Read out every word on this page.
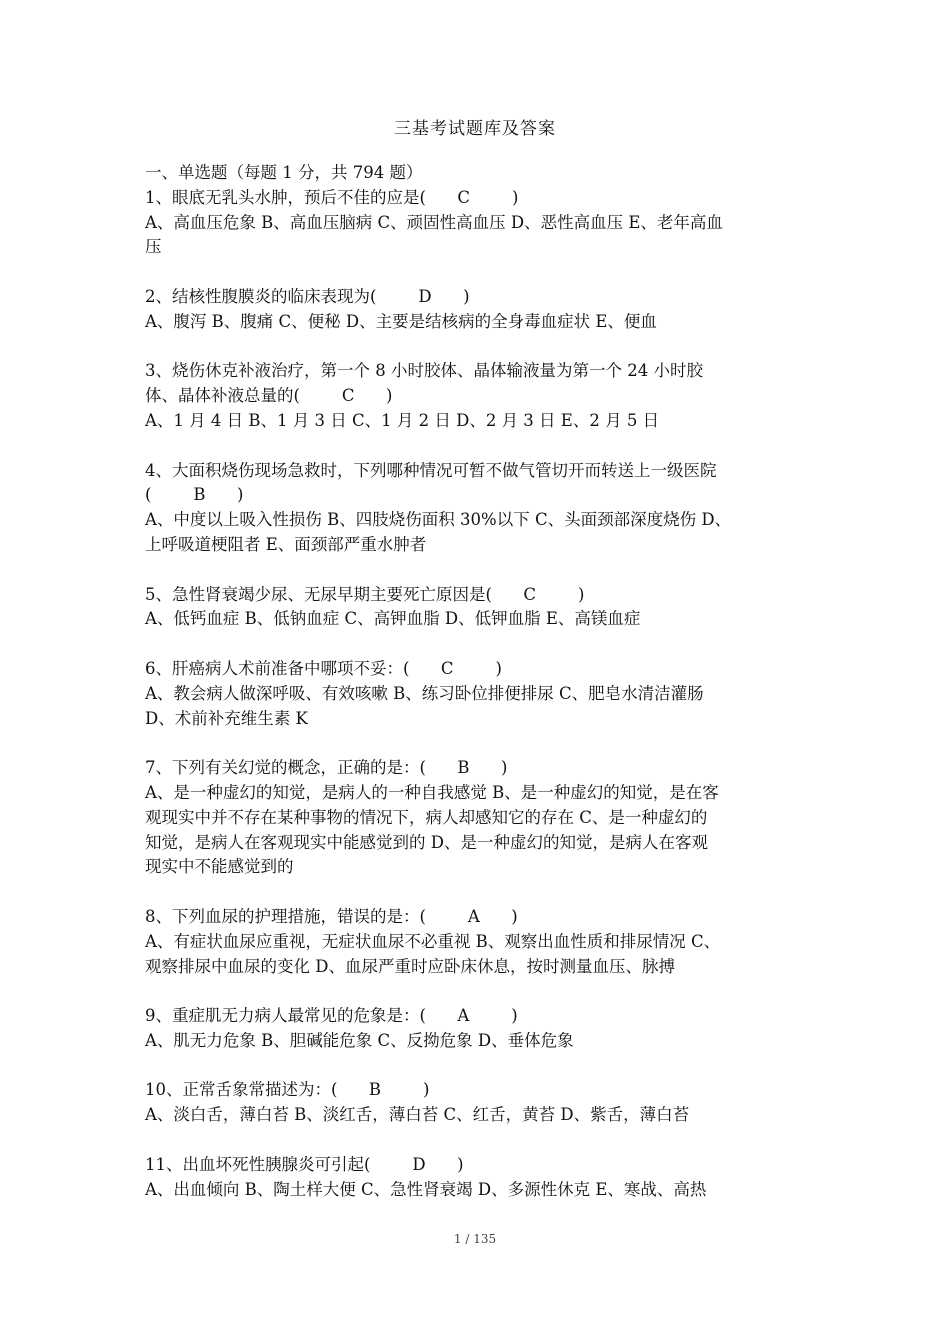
三基考试题库及答案

一、单选题（每题 1 分，共 794 题）

1、眼底无乳头水肿，预后不佳的应是(      C        )

A、高血压危象 B、高血压脑病 C、顽固性高血压 D、恶性高血压 E、老年高血

压

2、结核性腹膜炎的临床表现为(        D      )

A、腹泻 B、腹痛 C、便秘 D、主要是结核病的全身毒血症状 E、便血

3、烧伤休克补液治疗，第一个 8 小时胶体、晶体输液量为第一个 24 小时胶

体、晶体补液总量的(        C      )

A、1 月 4 日 B、1 月 3 日 C、1 月 2 日 D、2 月 3 日 E、2 月 5 日

4、大面积烧伤现场急救时，下列哪种情况可暂不做气管切开而转送上一级医院

(        B      )

A、中度以上吸入性损伤 B、四肢烧伤面积 30%以下 C、头面颈部深度烧伤 D、

上呼吸道梗阻者 E、面颈部严重水肿者

5、急性肾衰竭少尿、无尿早期主要死亡原因是(      C        )

A、低钙血症 B、低钠血症 C、高钾血脂 D、低钾血脂 E、高镁血症

6、肝癌病人术前准备中哪项不妥：(      C        )

A、教会病人做深呼吸、有效咳嗽 B、练习卧位排便排尿 C、肥皂水清洁灌肠

D、术前补充维生素 K

7、下列有关幻觉的概念，正确的是：(      B      )

A、是一种虚幻的知觉，是病人的一种自我感觉 B、是一种虚幻的知觉，是在客

观现实中并不存在某种事物的情况下，病人却感知它的存在 C、是一种虚幻的

知觉，是病人在客观现实中能感觉到的 D、是一种虚幻的知觉，是病人在客观

现实中不能感觉到的

8、下列血尿的护理措施，错误的是：(        A      )

A、有症状血尿应重视，无症状血尿不必重视 B、观察出血性质和排尿情况 C、

观察排尿中血尿的变化 D、血尿严重时应卧床休息，按时测量血压、脉搏

9、重症肌无力病人最常见的危象是：(      A        )

A、肌无力危象 B、胆碱能危象 C、反拗危象 D、垂体危象

10、正常舌象常描述为：(      B        )

A、淡白舌，薄白苔 B、淡红舌，薄白苔 C、红舌，黄苔 D、紫舌，薄白苔

11、出血坏死性胰腺炎可引起(        D      )

A、出血倾向 B、陶土样大便 C、急性肾衰竭 D、多源性休克 E、寒战、高热

1 / 135
